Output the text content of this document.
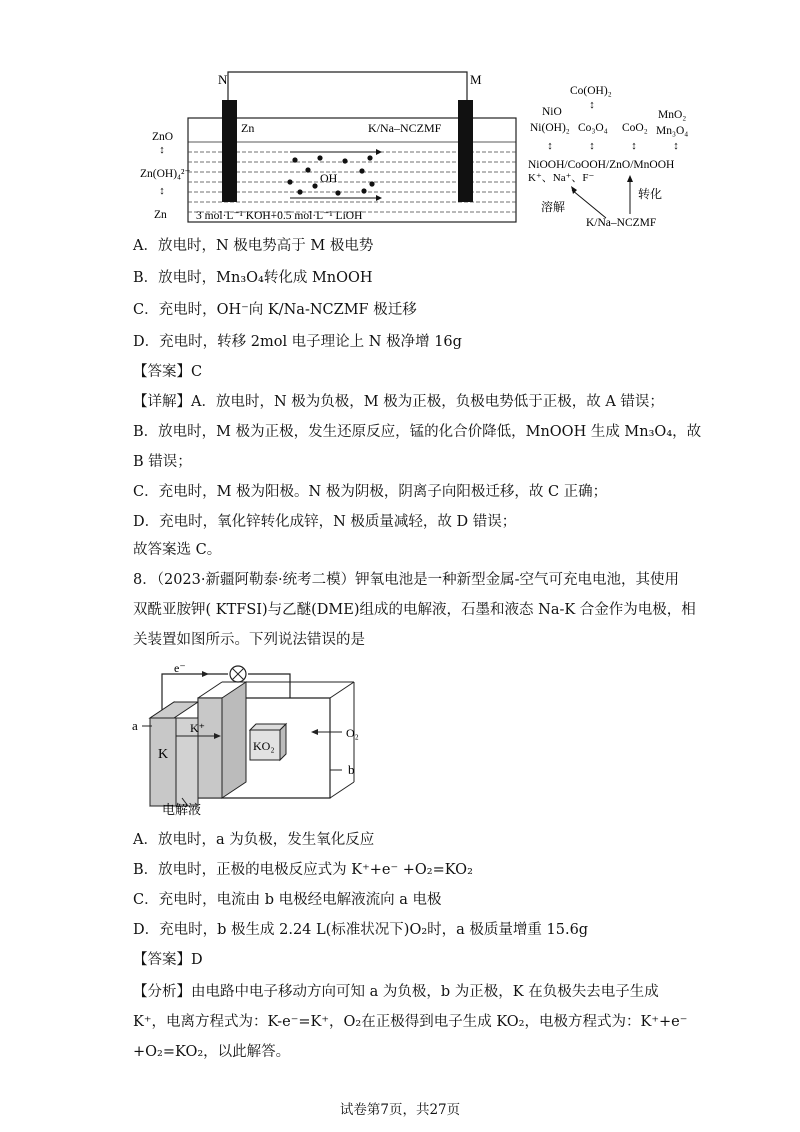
N	M
Zn	K/Na–NCZMF
OH
3 mol·L⁻¹ KOH+0.5 mol·L⁻¹ LiOH
ZnO
↕
Zn(OH)₄²⁻
↕
Zn
Co(OH)₂
↕
NiO	MnO₂
Ni(OH)₂ Co₃O₄ CoO₂ Mn₃O₄
↕	↕	↕	↕
NiOOH/CoOOH/ZnO/MnOOH
K⁺、Na⁺、F⁻
转化
溶解
K/Na–NCZMF
A．放电时，N 极电势高于 M 极电势
B．放电时，Mn₃O₄转化成 MnOOH
C．充电时，OH⁻向 K/Na-NCZMF 极迁移
D．充电时，转移 2mol 电子理论上 N 极净增 16g
【答案】C
【详解】A．放电时，N 极为负极，M 极为正极，负极电势低于正极，故 A 错误；
B．放电时，M 极为正极，发生还原反应，锰的化合价降低，MnOOH 生成 Mn₃O₄，故
B 错误；
C．充电时，M 极为阳极。N 极为阴极，阴离子向阳极迁移，故 C 正确；
D．充电时，氧化锌转化成锌，N 极质量减轻，故 D 错误；
故答案选 C。
8．（2023·新疆阿勒泰·统考二模）钾氧电池是一种新型金属-空气可充电电池，其使用
双酰亚胺钾( KTFSI)与乙醚(DME)组成的电解液，石墨和液态 Na-K 合金作为电极，相
关装置如图所示。下列说法错误的是
e⁻
K
K⁺
KO₂
O₂
a
b
电解液
A．放电时，a 为负极，发生氧化反应
B．放电时，正极的电极反应式为 K⁺+e⁻ +O₂=KO₂
C．充电时，电流由 b 电极经电解液流向 a 电极
D．充电时，b 极生成 2.24 L(标准状况下)O₂时，a 极质量增重 15.6g
【答案】D
【分析】由电路中电子移动方向可知 a 为负极，b 为正极，K 在负极失去电子生成
K⁺，电离方程式为：K-e⁻=K⁺，O₂在正极得到电子生成 KO₂，电极方程式为：K⁺+e⁻
+O₂=KO₂，以此解答。
试卷第7页，共27页
